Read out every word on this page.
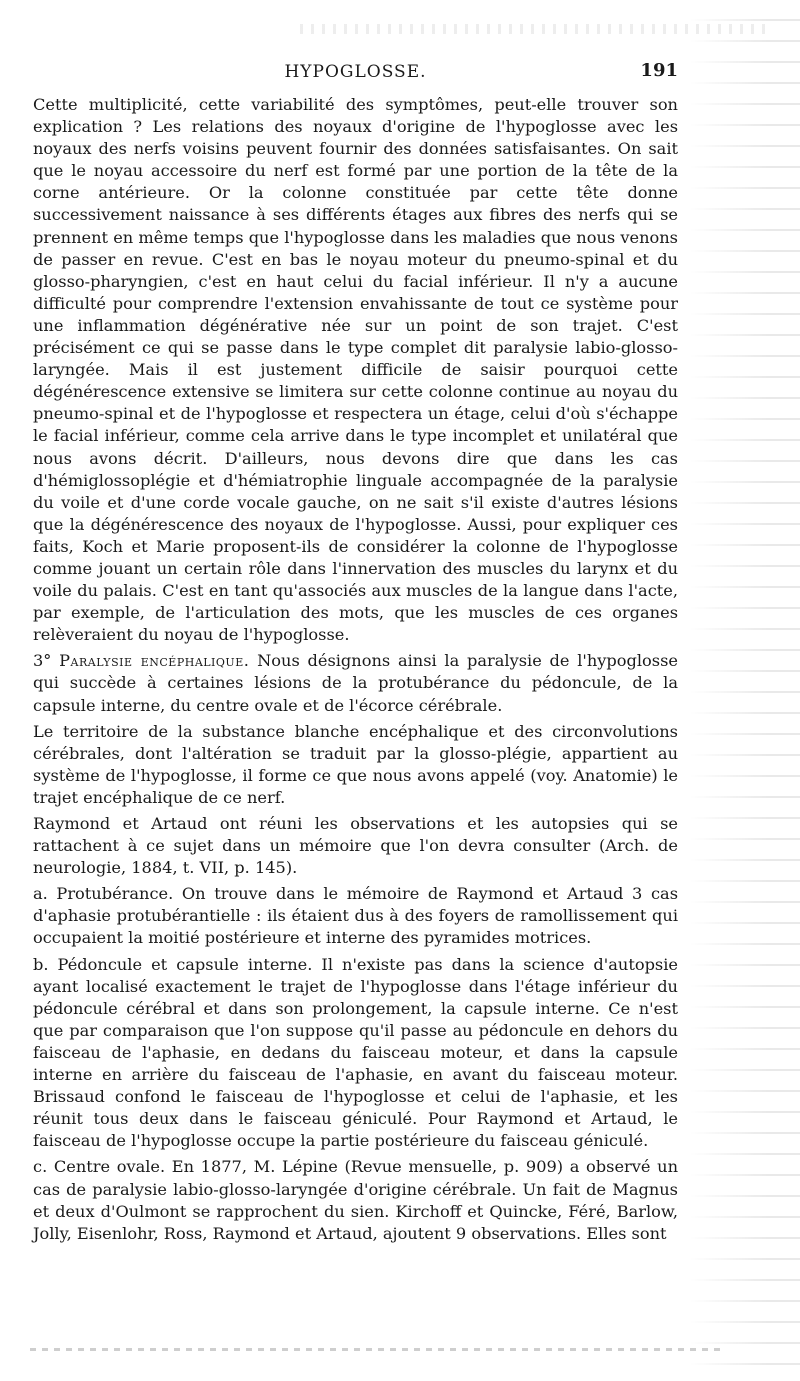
HYPOGLOSSE.	191

Cette multiplicité, cette variabilité des symptômes, peut-elle trouver son explication ? Les relations des noyaux d'origine de l'hypoglosse avec les noyaux des nerfs voisins peuvent fournir des données satisfaisantes. On sait que le noyau accessoire du nerf est formé par une portion de la tête de la corne antérieure. Or la colonne constituée par cette tête donne successivement naissance à ses différents étages aux fibres des nerfs qui se prennent en même temps que l'hypoglosse dans les maladies que nous venons de passer en revue. C'est en bas le noyau moteur du pneumo-spinal et du glosso-pharyngien, c'est en haut celui du facial inférieur. Il n'y a aucune difficulté pour comprendre l'extension envahissante de tout ce système pour une inflammation dégénérative née sur un point de son trajet. C'est précisément ce qui se passe dans le type complet dit paralysie labio-glosso-laryngée. Mais il est justement difficile de saisir pourquoi cette dégénérescence extensive se limitera sur cette colonne continue au noyau du pneumo-spinal et de l'hypoglosse et respectera un étage, celui d'où s'échappe le facial inférieur, comme cela arrive dans le type incomplet et unilatéral que nous avons décrit. D'ailleurs, nous devons dire que dans les cas d'hémiglossoplégie et d'hémiatrophie linguale accompagnée de la paralysie du voile et d'une corde vocale gauche, on ne sait s'il existe d'autres lésions que la dégénérescence des noyaux de l'hypoglosse. Aussi, pour expliquer ces faits, Koch et Marie proposent-ils de considérer la colonne de l'hypoglosse comme jouant un certain rôle dans l'innervation des muscles du larynx et du voile du palais. C'est en tant qu'associés aux muscles de la langue dans l'acte, par exemple, de l'articulation des mots, que les muscles de ces organes relèveraient du noyau de l'hypoglosse.

3° Paralysie encéphalique. Nous désignons ainsi la paralysie de l'hypoglosse qui succède à certaines lésions de la protubérance du pédoncule, de la capsule interne, du centre ovale et de l'écorce cérébrale.

Le territoire de la substance blanche encéphalique et des circonvolutions cérébrales, dont l'altération se traduit par la glosso-plégie, appartient au système de l'hypoglosse, il forme ce que nous avons appelé (voy. Anatomie) le trajet encéphalique de ce nerf.

Raymond et Artaud ont réuni les observations et les autopsies qui se rattachent à ce sujet dans un mémoire que l'on devra consulter (Arch. de neurologie, 1884, t. VII, p. 145).

a. Protubérance. On trouve dans le mémoire de Raymond et Artaud 3 cas d'aphasie protubérantielle : ils étaient dus à des foyers de ramollissement qui occupaient la moitié postérieure et interne des pyramides motrices.

b. Pédoncule et capsule interne. Il n'existe pas dans la science d'autopsie ayant localisé exactement le trajet de l'hypoglosse dans l'étage inférieur du pédoncule cérébral et dans son prolongement, la capsule interne. Ce n'est que par comparaison que l'on suppose qu'il passe au pédoncule en dehors du faisceau de l'aphasie, en dedans du faisceau moteur, et dans la capsule interne en arrière du faisceau de l'aphasie, en avant du faisceau moteur. Brissaud confond le faisceau de l'hypoglosse et celui de l'aphasie, et les réunit tous deux dans le faisceau géniculé. Pour Raymond et Artaud, le faisceau de l'hypoglosse occupe la partie postérieure du faisceau géniculé.

c. Centre ovale. En 1877, M. Lépine (Revue mensuelle, p. 909) a observé un cas de paralysie labio-glosso-laryngée d'origine cérébrale. Un fait de Magnus et deux d'Oulmont se rapprochent du sien. Kirchoff et Quincke, Féré, Barlow, Jolly, Eisenlohr, Ross, Raymond et Artaud, ajoutent 9 observations. Elles sont
